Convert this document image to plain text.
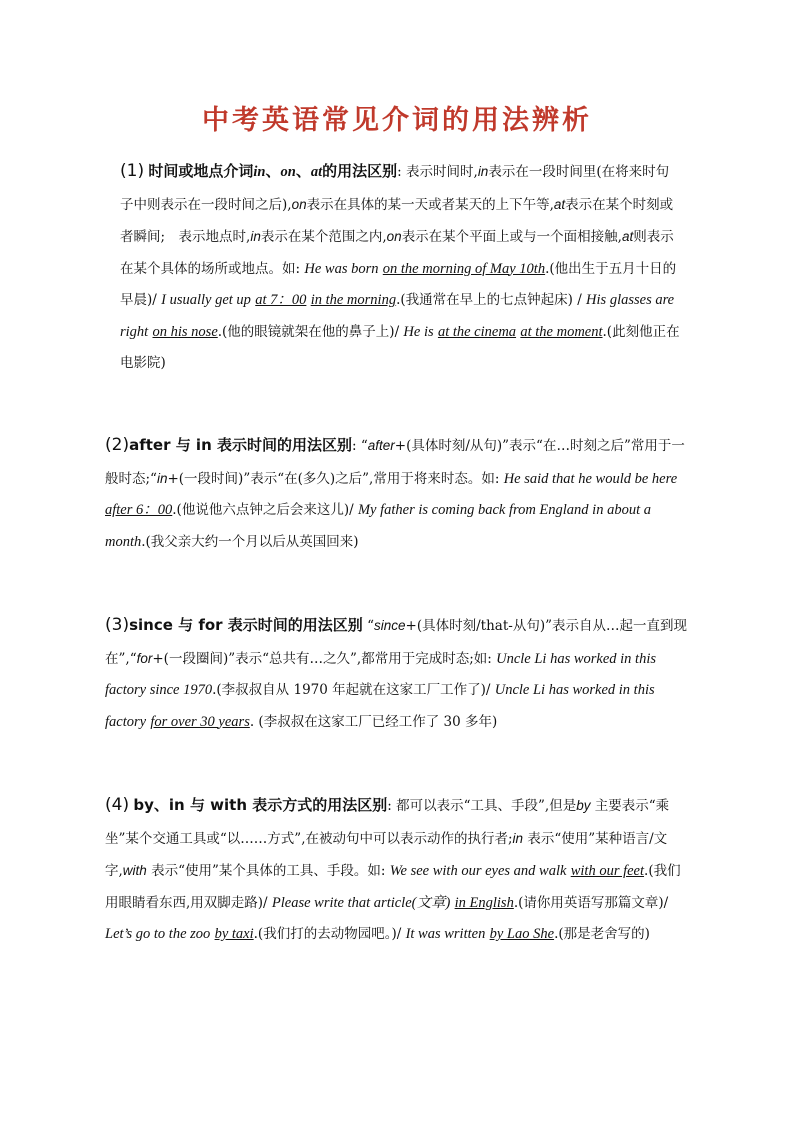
中考英语常见介词的用法辨析

(1) 时间或地点介词in、on、at的用法区别: 表示时间时,in表示在一段时间里(在将来时句子中则表示在一段时间之后),on表示在具体的某一天或者某天的上下午等,at表示在某个时刻或者瞬间;　表示地点时,in表示在某个范围之内,on表示在某个平面上或与一个面相接触,at则表示在某个具体的场所或地点。如: He was born on the morning of May 10th.(他出生于五月十日的早晨)/ I usually get up at 7：00 in the morning.(我通常在早上的七点钟起床) / His glasses are right on his nose.(他的眼镜就架在他的鼻子上)/ He is at the cinema at the moment.(此刻他正在电影院)

(2)after 与 in 表示时间的用法区别: “after+(具体时刻/从句)”表示“在…时刻之后”常用于一般时态;“in+(一段时间)”表示“在(多久)之后”,常用于将来时态。如: He said that he would be here after 6：00.(他说他六点钟之后会来这儿)/ My father is coming back from England in about a month.(我父亲大约一个月以后从英国回来)

(3)since 与 for 表示时间的用法区别 “since+(具体时刻/that-从句)”表示自从…起一直到现在”,“for+(一段圈间)”表示“总共有…之久”,都常用于完成时态;如: Uncle Li has worked in this factory since 1970.(李叔叔自从 1970 年起就在这家工厂工作了)/ Uncle Li has worked in this factory for over 30 years. (李叔叔在这家工厂已经工作了 30 多年)

(4) by、in 与 with 表示方式的用法区别: 都可以表示“工具、手段”,但是by 主要表示“乘坐”某个交通工具或“以……方式”,在被动句中可以表示动作的执行者;in 表示“使用”某种语言/文字,with 表示“使用”某个具体的工具、手段。如: We see with our eyes and walk with our feet.(我们用眼睛看东西,用双脚走路)/ Please write that article(文章) in English.(请你用英语写那篇文章)/ Let’s go to the zoo by taxi.(我们打的去动物园吧。)/ It was written by Lao She.(那是老舍写的)
